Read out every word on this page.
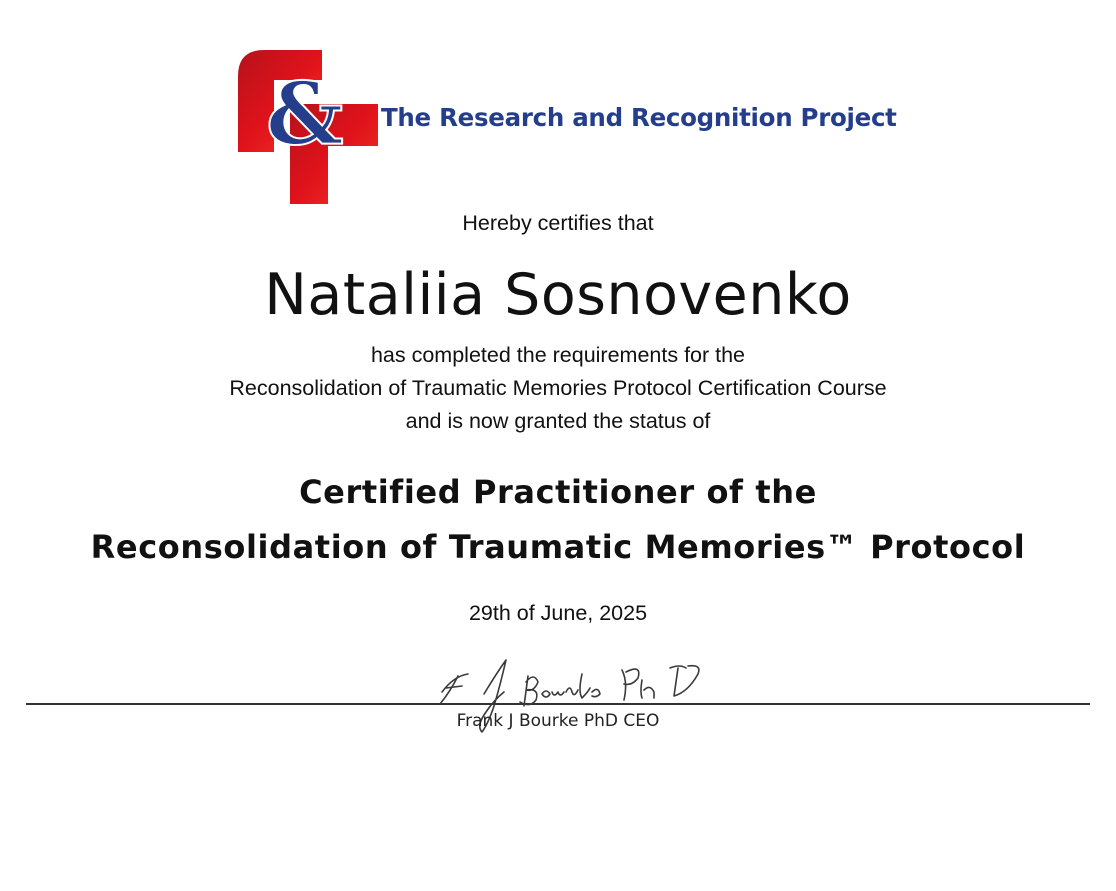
& The Research and Recognition Project
Hereby certifies that
Nataliia Sosnovenko
has completed the requirements for the
Reconsolidation of Traumatic Memories Protocol Certification Course
and is now granted the status of
Certified Practitioner of the
Reconsolidation of Traumatic Memories™ Protocol
29th of June, 2025
Frank J Bourke PhD CEO
